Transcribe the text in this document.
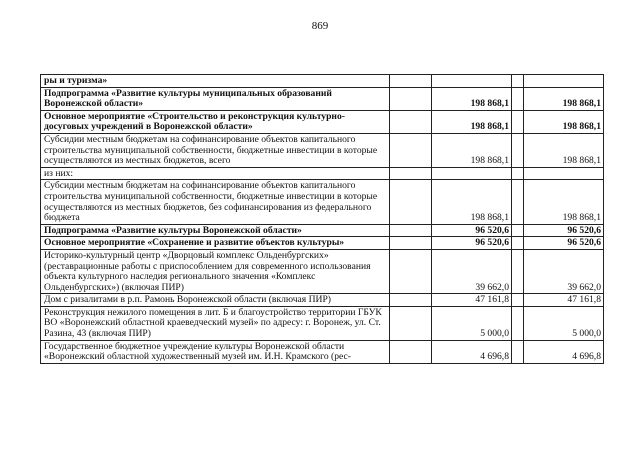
869
ры и туризма»				
Подпрограмма «Развитие культуры муниципальных образований Воронежской области»		198 868,1		198 868,1
Основное мероприятие «Строительство и реконструкция культурно-досуговых учреждений в Воронежской области»		198 868,1		198 868,1
Субсидии местным бюджетам на софинансирование объектов капитального строительства муниципальной собственности, бюджетные инвестиции в которые осуществляются из местных бюджетов, всего		198 868,1		198 868,1
из них:				
Субсидии местным бюджетам на софинансирование объектов капитального строительства муниципальной собственности, бюджетные инвестиции в которые осуществляются из местных бюджетов, без софинансирования из федерального бюджета		198 868,1		198 868,1
Подпрограмма «Развитие культуры Воронежской области»		96 520,6		96 520,6
Основное мероприятие «Сохранение и развитие объектов культуры»		96 520,6		96 520,6
Историко-культурный центр «Дворцовый комплекс Ольденбургских» (реставрационные работы с приспособлением для современного использования объекта культурного наследия регионального значения «Комплекс Ольденбургских») (включая ПИР)		39 662,0		39 662,0
Дом с ризалитами в р.п. Рамонь Воронежской области (включая ПИР)		47 161,8		47 161,8
Реконструкция нежилого помещения в лит. Б и благоустройство территории ГБУК ВО «Воронежский областной краеведческий музей» по адресу: г. Воронеж, ул. Ст. Разина, 43 (включая ПИР)		5 000,0		5 000,0
Государственное бюджетное учреждение культуры Воронежской области «Воронежский областной художественный музей им. И.Н. Крамского (рес-		4 696,8		4 696,8
